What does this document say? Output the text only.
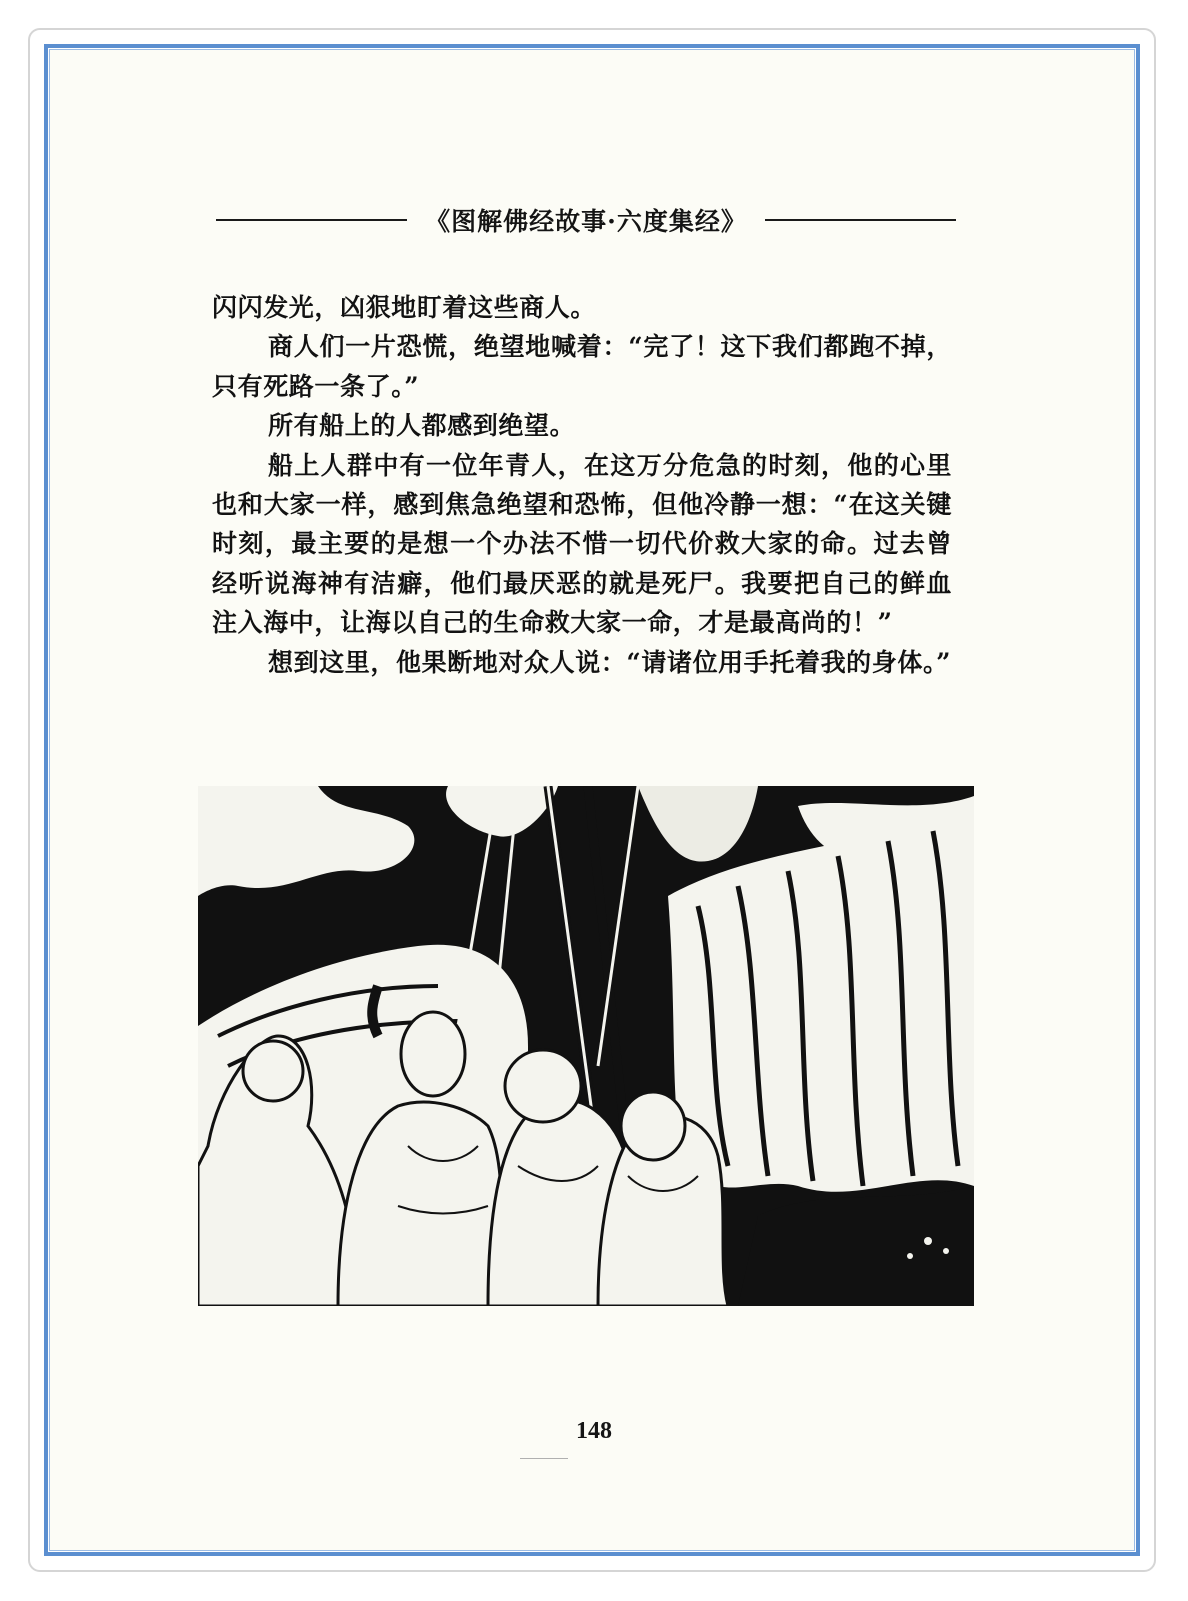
《图解佛经故事·六度集经》

闪闪发光，凶狠地盯着这些商人。

商人们一片恐慌，绝望地喊着：“完了！这下我们都跑不掉，只有死路一条了。”

所有船上的人都感到绝望。

船上人群中有一位年青人，在这万分危急的时刻，他的心里也和大家一样，感到焦急绝望和恐怖，但他冷静一想：“在这关键时刻，最主要的是想一个办法不惜一切代价救大家的命。过去曾经听说海神有洁癖，他们最厌恶的就是死尸。我要把自己的鲜血注入海中，让海以自己的生命救大家一命，才是最高尚的！”

想到这里，他果断地对众人说：“请诸位用手托着我的身体。”

148
